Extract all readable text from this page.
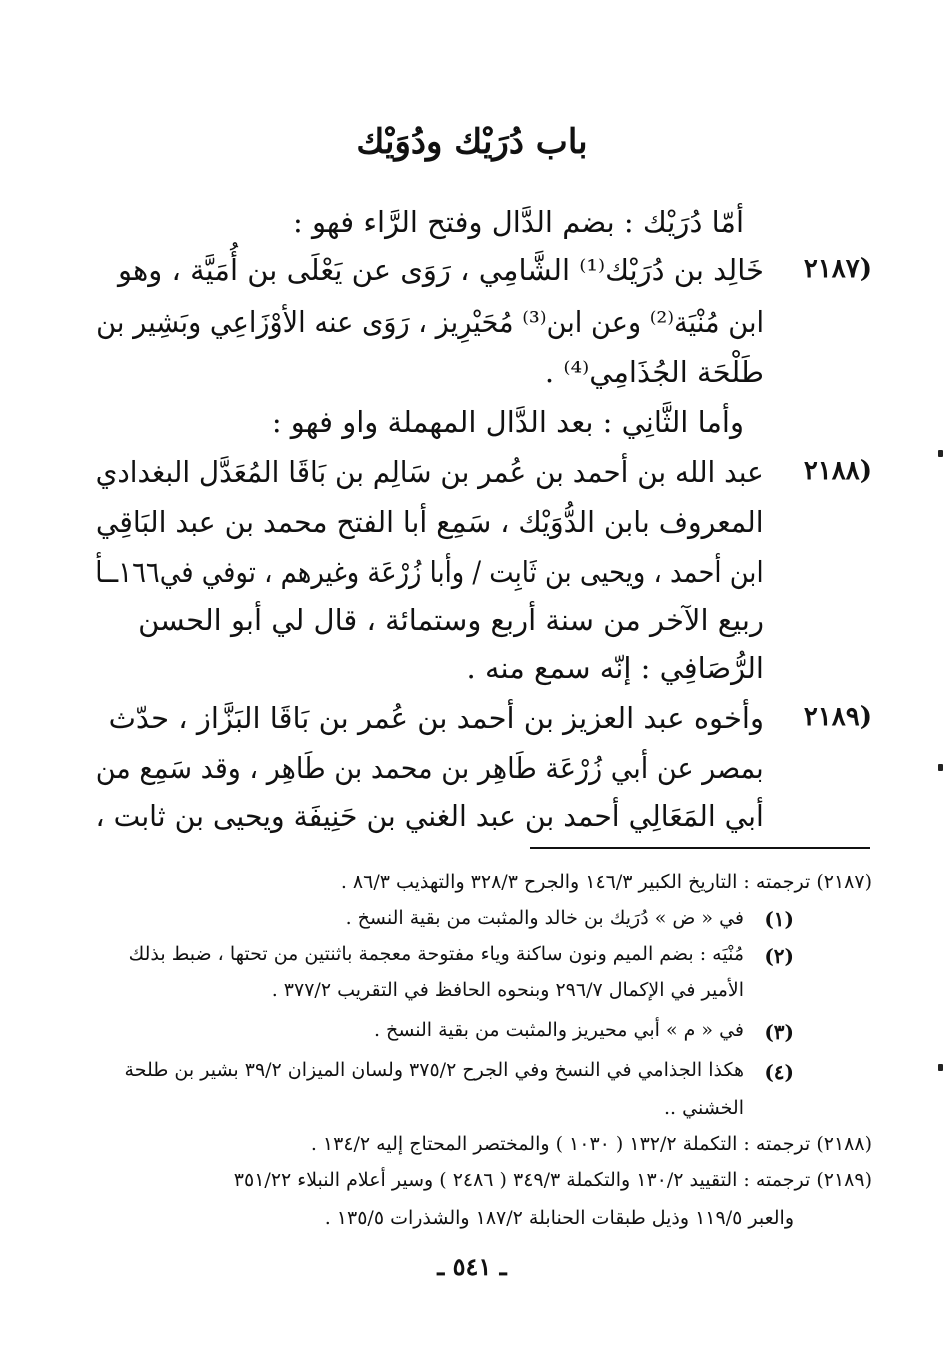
باب دُرَيْك ودُوَيْك
أمّا دُرَيْك : بضم الدَّال وفتح الرَّاء فهو :
(٢١٨٧
خَالِد بن دُرَيْك⁽¹⁾ الشَّامِي ، رَوَى عن يَعْلَى بن أُمَيَّة ، وهو
ابن مُنْيَة⁽²⁾ وعن ابن⁽³⁾ مُحَيْرِيز ، رَوَى عنه الأوْزَاعِي وبَشِير بن
طَلْحَة الجُذَامِي⁽⁴⁾ .
وأما الثَّانِي : بعد الدَّال المهملة واو فهو :
(٢١٨٨
عبد الله بن أحمد بن عُمر بن سَالِم بن بَاقَا المُعَدَّل البغدادي
المعروف بابن الدُّوَيْك ، سَمِع أبا الفتح محمد بن عبد البَاقِي
ابن أحمد ، ويحيى بن ثَابِت / وأبا زُرْعَة وغيرهم ، توفي في١٦٦ــأ
ربيع الآخر من سنة أربع وستمائة ، قال لي أبو الحسن
الرُّصَافِي : إنّه سمع منه .
(٢١٨٩
وأخوه عبد العزيز بن أحمد بن عُمر بن بَاقَا البَزَّاز ، حدّث
بمصر عن أبي زُرْعَة طَاهِر بن محمد بن طَاهِر ، وقد سَمِع من
أبي المَعَالِي أحمد بن عبد الغني بن حَنِيفَة ويحيى بن ثابت ،
(٢١٨٧) ترجمته : التاريخ الكبير ١٤٦/٣ والجرح ٣٢٨/٣ والتهذيب ٨٦/٣ .
(١)
في « ض » دُرَيك بن خالد والمثبت من بقية النسخ .
(٢)
مُنْيَه : بضم الميم ونون ساكنة وياء مفتوحة معجمة باثنتين من تحتها ، ضبط بذلك
الأمير في الإكمال ٢٩٦/٧ وبنحوه الحافظ في التقريب ٣٧٧/٢ .
(٣)
في « م » أبي محيريز والمثبت من بقية النسخ .
(٤)
هكذا الجذامي في النسخ وفي الجرح ٣٧٥/٢ ولسان الميزان ٣٩/٢ بشير بن طلحة
الخشني ..
(٢١٨٨) ترجمته : التكملة ١٣٢/٢ ( ١٠٣٠ ) والمختصر المحتاج إليه ١٣٤/٢ .
(٢١٨٩) ترجمته : التقييد ١٣٠/٢ والتكملة ٣٤٩/٣ ( ٢٤٨٦ ) وسير أعلام النبلاء ٣٥١/٢٢
والعبر ١١٩/٥ وذيل طبقات الحنابلة ١٨٧/٢ والشذرات ١٣٥/٥ .
ـ ٥٤١ ـ
